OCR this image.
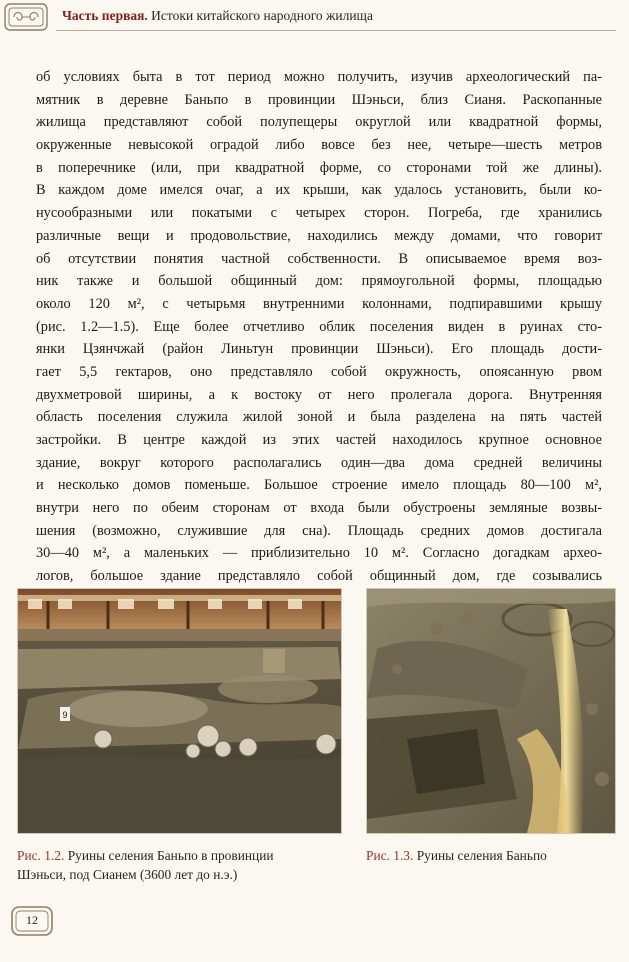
Часть первая. Истоки китайского народного жилища
об условиях быта в тот период можно получить, изучив археологический па-
мятник в деревне Баньпо в провинции Шэньси, близ Сианя. Раскопанные
жилища представляют собой полупещеры округлой или квадратной формы,
окруженные невысокой оградой либо вовсе без нее, четыре—шесть метров
в поперечнике (или, при квадратной форме, со сторонами той же длины).
В каждом доме имелся очаг, а их крыши, как удалось установить, были ко-
нусообразными или покатыми с четырех сторон. Погреба, где хранились
различные вещи и продовольствие, находились между домами, что говорит
об отсутствии понятия частной собственности. В описываемое время воз-
ник также и большой общинный дом: прямоугольной формы, площадью
около 120 м², с четырьмя внутренними колоннами, подпиравшими крышу
(рис. 1.2—1.5). Еще более отчетливо облик поселения виден в руинах сто-
янки Цзянчжай (район Линьтун провинции Шэньси). Его площадь дости-
гает 5,5 гектаров, оно представляло собой окружность, опоясанную рвом
двухметровой ширины, а к востоку от него пролегала дорога. Внутренняя
область поселения служила жилой зоной и была разделена на пять частей
застройки. В центре каждой из этих частей находилось крупное основное
здание, вокруг которого располагались один—два дома средней величины
и несколько домов поменьше. Большое строение имело площадь 80—100 м²,
внутри него по обеим сторонам от входа были обустроены земляные возвы-
шения (возможно, служившие для сна). Площадь средних домов достигала
30—40 м², а маленьких — приблизительно 10 м². Согласно догадкам археo-
логов, большое здание представляло собой общинный дом, где созывались
9
Рис. 1.2. Руины селения Баньпо в провинции
Шэньси, под Сианем (3600 лет до н.э.)
Рис. 1.3. Руины селения Баньпо
12
